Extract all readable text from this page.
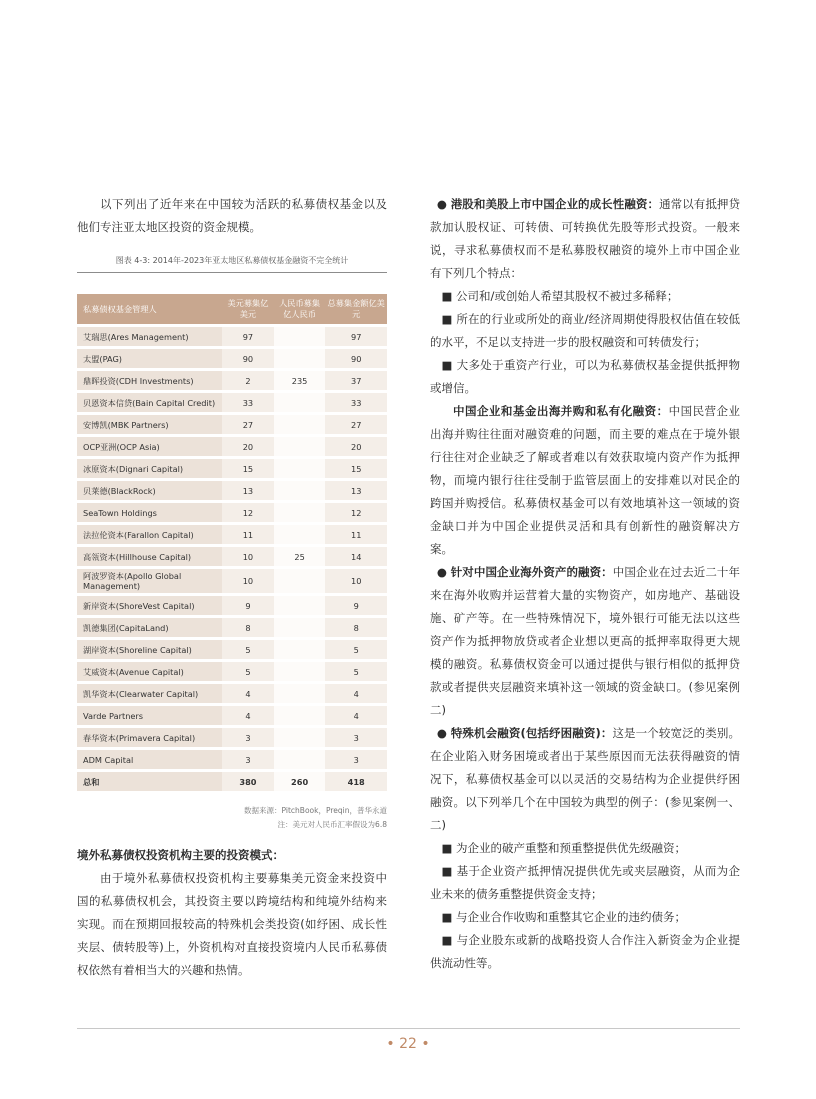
以下列出了近年来在中国较为活跃的私募债权基金以及他们专注亚太地区投资的资金规模。

图表 4-3: 2014年-2023年亚太地区私募债权基金融资不完全统计
私募债权基金管理人	美元募集亿美元	人民币募集亿人民币	总募集金额亿美元
艾瑞思(Ares Management)	97		97
太盟(PAG)	90		90
鼎晖投资(CDH Investments)	2	235	37
贝恩资本信贷(Bain Capital Credit)	33		33
安博凯(MBK Partners)	27		27
OCP亚洲(OCP Asia)	20		20
冰原资本(Dignari Capital)	15		15
贝莱德(BlackRock)	13		13
SeaTown Holdings	12		12
法拉伦资本(Farallon Capital)	11		11
高瓴资本(Hillhouse Capital)	10	25	14
阿波罗资本(Apollo Global Management)	10		10
新岸资本(ShoreVest Capital)	9		9
凯德集团(CapitaLand)	8		8
湖岸资本(Shoreline Capital)	5		5
艾威资本(Avenue Capital)	5		5
凯华资本(Clearwater Capital)	4		4
Varde Partners	4		4
春华资本(Primavera Capital)	3		3
ADM Capital	3		3
总和	380	260	418
数据来源：PitchBook，Preqin，普华永道
注：美元对人民币汇率假设为6.8
境外私募债权投资机构主要的投资模式：

由于境外私募债权投资机构主要募集美元资金来投资中国的私募债权机会，其投资主要以跨境结构和纯境外结构来实现。而在预期回报较高的特殊机会类投资(如纾困、成长性夹层、债转股等)上，外资机构对直接投资境内人民币私募债权依然有着相当大的兴趣和热情。

● 港股和美股上市中国企业的成长性融资：通常以有抵押贷款加认股权证、可转债、可转换优先股等形式投资。一般来说，寻求私募债权而不是私募股权融资的境外上市中国企业有下列几个特点：

■ 公司和/或创始人希望其股权不被过多稀释；

■ 所在的行业或所处的商业/经济周期使得股权估值在较低的水平，不足以支持进一步的股权融资和可转债发行；

■ 大多处于重资产行业，可以为私募债权基金提供抵押物或增信。

中国企业和基金出海并购和私有化融资：中国民营企业出海并购往往面对融资难的问题，而主要的难点在于境外银行往往对企业缺乏了解或者难以有效获取境内资产作为抵押物，而境内银行往往受制于监管层面上的安排难以对民企的跨国并购授信。私募债权基金可以有效地填补这一领域的资金缺口并为中国企业提供灵活和具有创新性的融资解决方案。

● 针对中国企业海外资产的融资：中国企业在过去近二十年来在海外收购并运营着大量的实物资产，如房地产、基础设施、矿产等。在一些特殊情况下，境外银行可能无法以这些资产作为抵押物放贷或者企业想以更高的抵押率取得更大规模的融资。私募债权资金可以通过提供与银行相似的抵押贷款或者提供夹层融资来填补这一领域的资金缺口。(参见案例二)

● 特殊机会融资(包括纾困融资)：这是一个较宽泛的类别。在企业陷入财务困境或者出于某些原因而无法获得融资的情况下，私募债权基金可以以灵活的交易结构为企业提供纾困融资。以下列举几个在中国较为典型的例子：(参见案例一、二)

■ 为企业的破产重整和预重整提供优先级融资；

■ 基于企业资产抵押情况提供优先或夹层融资，从而为企业未来的债务重整提供资金支持；

■ 与企业合作收购和重整其它企业的违约债务；

■ 与企业股东或新的战略投资人合作注入新资金为企业提供流动性等。

• 22 •
